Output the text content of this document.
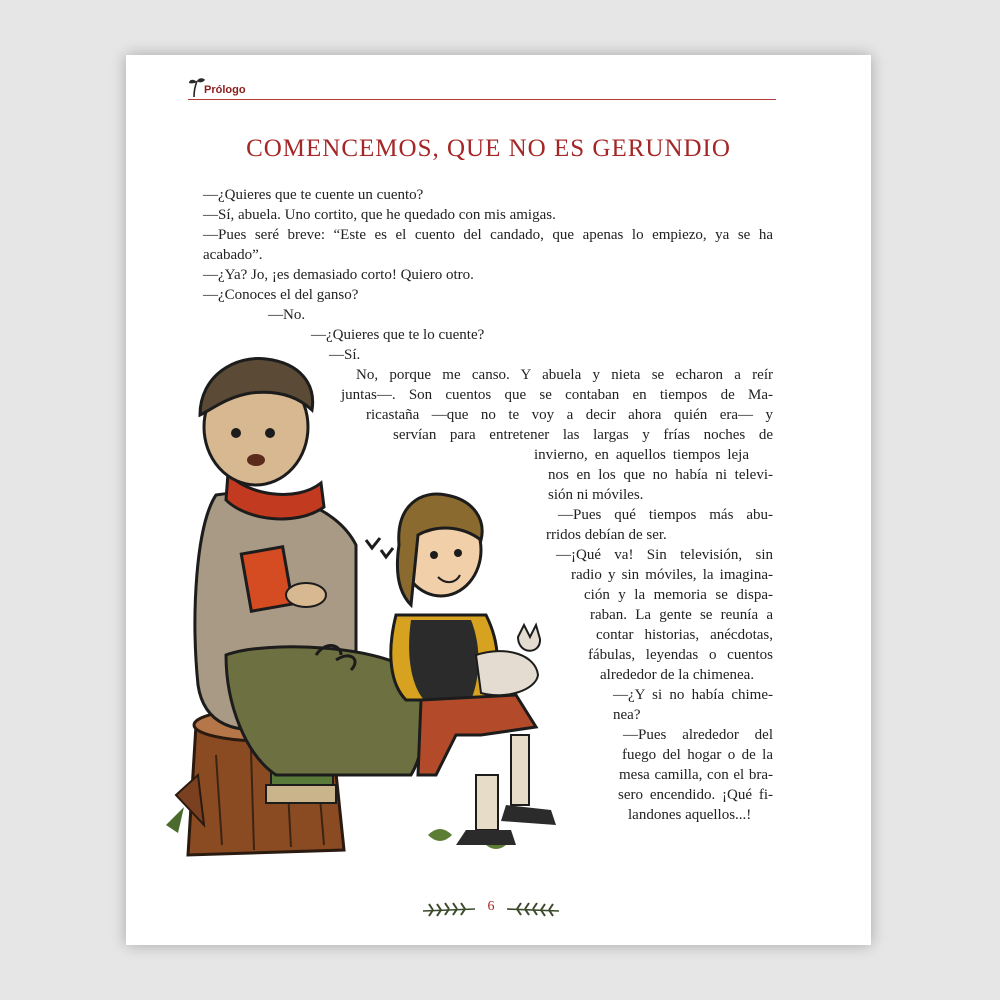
Prólogo
COMENCEMOS, QUE NO ES GERUNDIO
—¿Quieres que te cuente un cuento?
—Sí, abuela. Uno cortito, que he quedado con mis amigas.
—Pues seré breve: “Este es el cuento del candado, que apenas lo empiezo, ya se ha
acabado”.
—¿Ya? Jo, ¡es demasiado corto! Quiero otro.
—¿Conoces el del ganso?
—No.
—¿Quieres que te lo cuente?
—Sí.
No, porque me canso. Y abuela y nieta se echaron a reír
juntas—. Son cuentos que se contaban en tiempos de Ma-
ricastaña —que no te voy a decir ahora quién era— y
servían para entretener las largas y frías noches de
invierno, en aquellos tiempos leja
nos en los que no había ni televi-
sión ni móviles.
—Pues qué tiempos más abu-
rridos debían de ser.
—¡Qué va! Sin televisión, sin
radio y sin móviles, la imagina-
ción y la memoria se dispa-
raban. La gente se reunía a
contar historias, anécdotas,
fábulas, leyendas o cuentos
alrededor de la chimenea.
—¿Y si no había chime-
nea?
—Pues alrededor del
fuego del hogar o de la
mesa camilla, con el bra-
sero encendido. ¡Qué fi-
landones aquellos...!
6
